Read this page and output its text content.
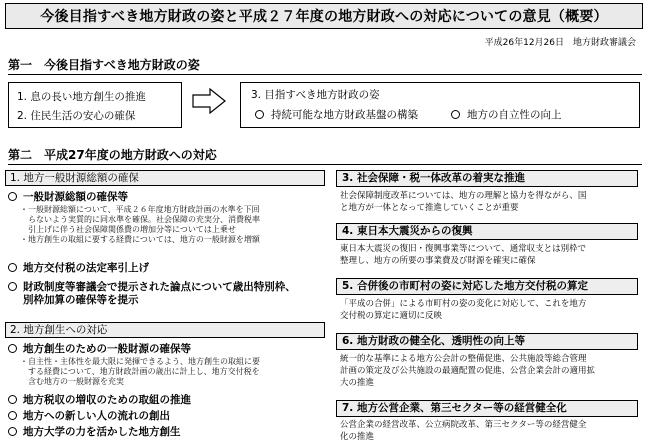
今後目指すべき地方財政の姿と平成２７年度の地方財政への対応についての意見（概要）
平成26年12月26日　地方財政審議会
第一　今後目指すべき地方財政の姿
1. 息の長い地方創生の推進
2. 住民生活の安心の確保
3. 目指すべき地方財政の姿
持続可能な地方財政基盤の構築	地方の自立性の向上
第二　平成27年度の地方財政への対応
1. 地方一般財源総額の確保
一般財源総額の確保等
・一般財源総額について、平成２６年度地方財政計画の水準を下回
　らないよう実質的に同水準を確保。社会保障の充実分、消費税率
　引上げに伴う社会保障関係費の増加分等については上乗せ
・地方創生の取組に要する経費については、地方の一般財源を増額
地方交付税の法定率引上げ
財政制度等審議会で提示された論点について歳出特別枠、
別枠加算の確保等を提示
2. 地方創生への対応
地方創生のための一般財源の確保等
・自主性・主体性を最大限に発揮できるよう、地方創生の取組に要
　する経費について、地方財政計画の歳出に計上し、地方交付税を
　含む地方の一般財源を充実
地方税収の増収のための取組の推進
地方への新しい人の流れの創出
地方大学の力を活かした地方創生
3. 社会保障・税一体改革の着実な推進
社会保障制度改革については、地方の理解と協力を得ながら、国
と地方が一体となって推進していくことが重要
4. 東日本大震災からの復興
東日本大震災の復旧・復興事業等について、通常収支とは別枠で
整理し、地方の所要の事業費及び財源を確実に確保
5. 合併後の市町村の姿に対応した地方交付税の算定
「平成の合併」による市町村の姿の変化に対応して、これを地方
交付税の算定に適切に反映
6. 地方財政の健全化、透明性の向上等
統一的な基準による地方公会計の整備促進、公共施設等総合管理
計画の策定及び公共施設の最適配置の促進、公営企業会計の適用拡
大の推進
7. 地方公営企業、第三セクター等の経営健全化
公営企業の経営改革、公立病院改革、第三セクター等の経営健全
化の推進
